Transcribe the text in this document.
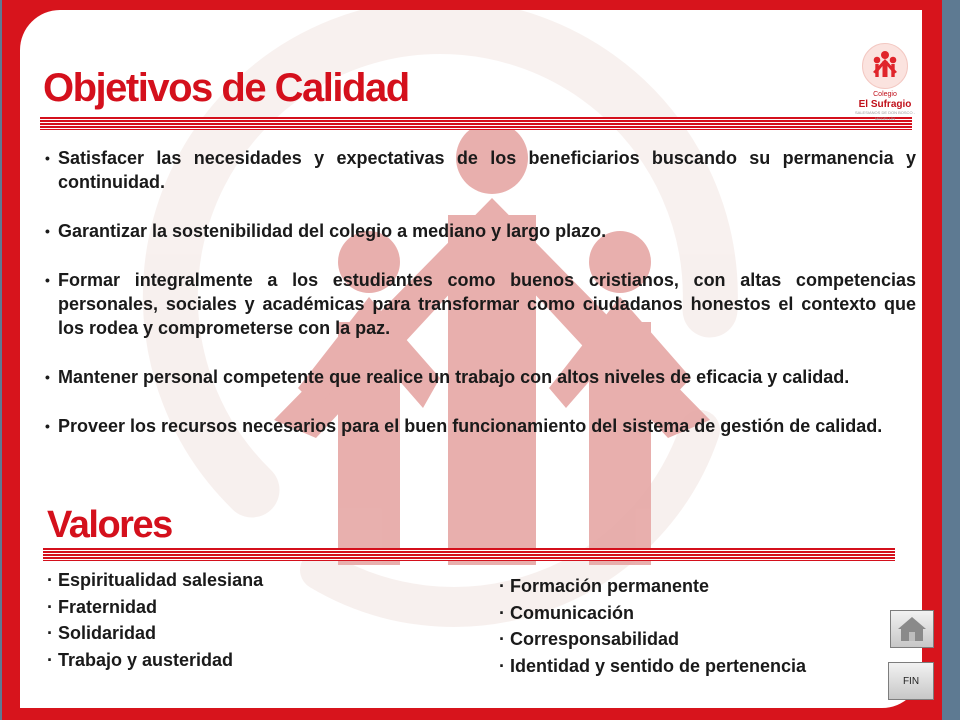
Objetivos de Calidad	Colegio
El Sufragio
SALESIANOS DE DON BOSCO - MEDELLÍN
• Satisfacer las necesidades y expectativas de los beneficiarios buscando su permanencia y continuidad.
• Garantizar la sostenibilidad del colegio a mediano y largo plazo.
• Formar integralmente a los estudiantes como buenos cristianos, con altas competencias personales, sociales y académicas para transformar como ciudadanos honestos el contexto que los rodea y comprometerse con la paz.
• Mantener personal competente que realice un trabajo con altos niveles de eficacia y calidad.
• Proveer los recursos necesarios para el buen funcionamiento del sistema de gestión de calidad.
Valores
· Espiritualidad salesiana
· Fraternidad
· Solidaridad
· Trabajo y austeridad
· Formación permanente
· Comunicación
· Corresponsabilidad
· Identidad y sentido de pertenencia
FIN
